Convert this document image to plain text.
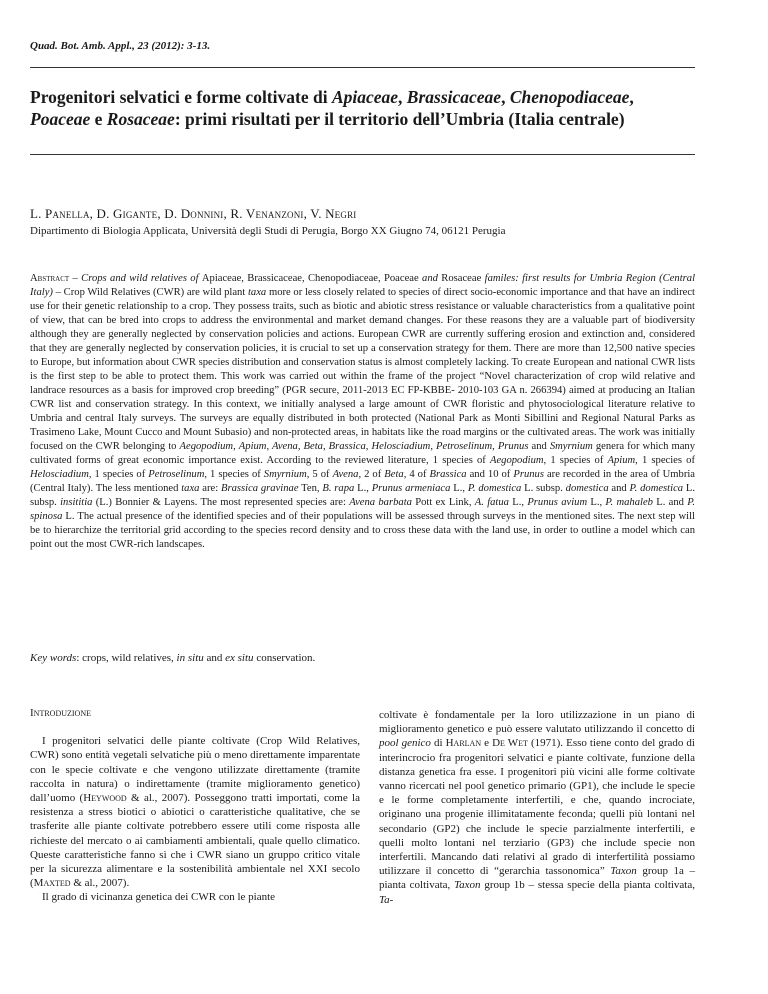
Quad. Bot. Amb. Appl., 23 (2012): 3-13.
Progenitori selvatici e forme coltivate di Apiaceae, Brassicaceae, Chenopodiaceae,
Poaceae e Rosaceae: primi risultati per il territorio dell’Umbria (Italia centrale)
L. Panella, D. Gigante, D. Donnini, R. Venanzoni, V. Negri
Dipartimento di Biologia Applicata, Università degli Studi di Perugia, Borgo XX Giugno 74, 06121 Perugia
Abstract – Crops and wild relatives of Apiaceae, Brassicaceae, Chenopodiaceae, Poaceae and Rosaceae familes: first results for Umbria Region (Central Italy) – Crop Wild Relatives (CWR) are wild plant taxa more or less closely related to species of direct socio-economic importance and that have an indirect use for their genetic relationship to a crop. They possess traits, such as biotic and abiotic stress resistance or valuable characteristics from a qualitative point of view, that can be bred into crops to address the environmental and market demand changes. For these reasons they are a valuable part of biodiversity although they are generally neglected by conservation policies and actions. European CWR are currently suffering erosion and extinction and, considered that they are generally neglected by conservation policies, it is crucial to set up a conservation strategy for them. There are more than 12,500 native species to Europe, but information about CWR species distribution and conservation status is almost completely lacking. To create European and national CWR lists is the first step to be able to protect them. This work was carried out within the frame of the project “Novel characterization of crop wild relative and landrace resources as a basis for improved crop breeding” (PGR secure, 2011-2013 EC FP-KBBE- 2010-103 GA n. 266394) aimed at producing an Italian CWR list and conservation strategy. In this context, we initially analysed a large amount of CWR floristic and phytosociological literature relative to Umbria and central Italy surveys. The surveys are equally distributed in both protected (National Park as Monti Sibillini and Regional Natural Parks as Trasimeno Lake, Mount Cucco and Mount Subasio) and non-protected areas, in habitats like the road margins or the cultivated areas. The work was initially focused on the CWR belonging to Aegopodium, Apium, Avena, Beta, Brassica, Helosciadium, Petroselinum, Prunus and Smyrnium genera for which many cultivated forms of great economic importance exist. According to the reviewed literature, 1 species of Aegopodium, 1 species of Apium, 1 species of Helosciadium, 1 species of Petroselinum, 1 species of Smyrnium, 5 of Avena, 2 of Beta, 4 of Brassica and 10 of Prunus are recorded in the area of Umbria (Central Italy). The less mentioned taxa are: Brassica gravinae Ten, B. rapa L., Prunus armeniaca L., P. domestica L. subsp. domestica and P. domestica L. subsp. insititia (L.) Bonnier & Layens. The most represented species are: Avena barbata Pott ex Link, A. fatua L., Prunus avium L., P. mahaleb L. and P. spinosa L. The actual presence of the identified species and of their populations will be assessed through surveys in the mentioned sites. The next step will be to hierarchize the territorial grid according to the species record density and to cross these data with the land use, in order to outline a model which can point out the most CWR-rich landscapes.
Key words: crops, wild relatives, in situ and ex situ conservation.
Introduzione

I progenitori selvatici delle piante coltivate (Crop Wild Relatives, CWR) sono entità vegetali selvatiche più o meno direttamente imparentate con le specie coltivate e che vengono utilizzate direttamente (tramite raccolta in natura) o indirettamente (tramite miglioramento genetico) dall’uomo (Heywood & al., 2007). Posseggono tratti importati, come la resistenza a stress biotici o abiotici o caratteristiche qualitative, che se trasferite alle piante coltivate potrebbero essere utili come risposta alle richieste del mercato o ai cambiamenti ambientali, quale quello climatico. Queste caratteristiche fanno sì che i CWR siano un gruppo critico vitale per la sicurezza alimentare e la sostenibilità ambientale nel XXI secolo (Maxted & al., 2007).

Il grado di vicinanza genetica dei CWR con le piante

coltivate è fondamentale per la loro utilizzazione in un piano di miglioramento genetico e può essere valutato utilizzando il concetto di pool genico di Harlan e De Wet (1971). Esso tiene conto del grado di interincrocio fra progenitori selvatici e piante coltivate, funzione della distanza genetica fra esse. I progenitori più vicini alle forme coltivate vanno ricercati nel pool genetico primario (GP1), che include le specie e le forme completamente interfertili, e che, quando incrociate, originano una progenie illimitatamente feconda; quelli più lontani nel secondario (GP2) che include le specie parzialmente interfertili, e quelli molto lontani nel terziario (GP3) che include specie non interfertili. Mancando dati relativi al grado di interfertilità possiamo utilizzare il concetto di “gerarchia tassonomica” Taxon group 1a – pianta coltivata, Taxon group 1b – stessa specie della pianta coltivata, Ta-
